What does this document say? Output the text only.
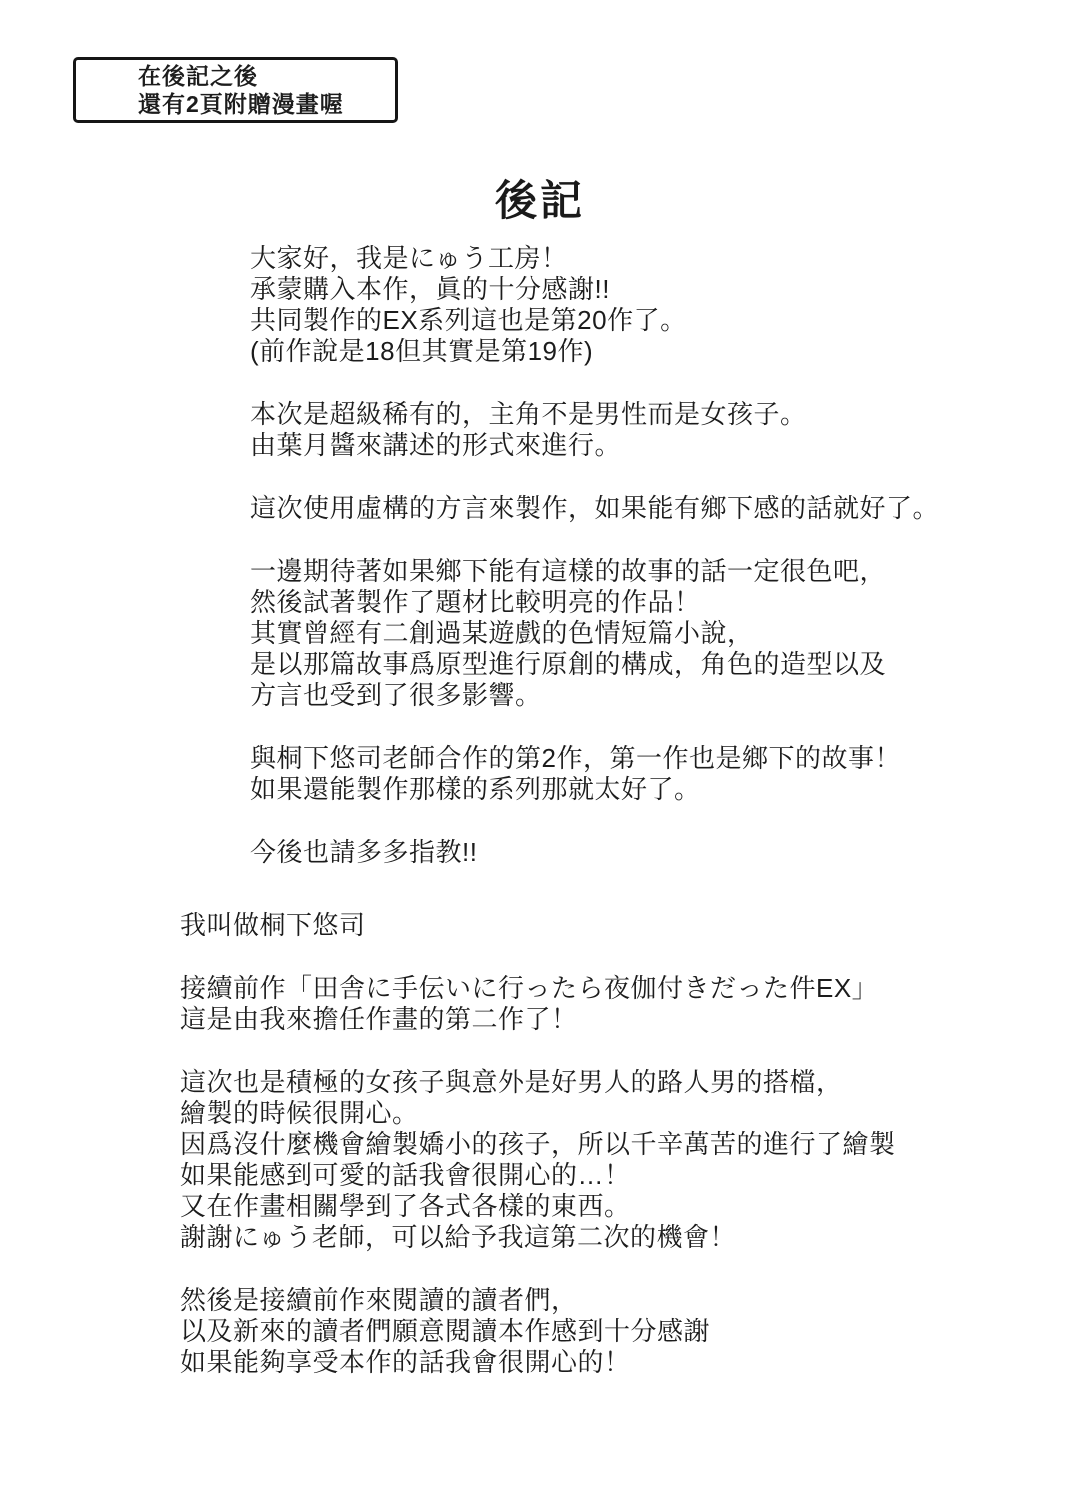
在後記之後
還有2頁附贈漫畫喔
後記
大家好，我是にゅう工房！
承蒙購入本作，眞的十分感謝!!
共同製作的EX系列這也是第20作了。
(前作說是18但其實是第19作)
本次是超級稀有的，主角不是男性而是女孩子。
由葉月醬來講述的形式來進行。
這次使用虛構的方言來製作，如果能有鄉下感的話就好了。
一邊期待著如果鄉下能有這樣的故事的話一定很色吧，
然後試著製作了題材比較明亮的作品！
其實曾經有二創過某遊戲的色情短篇小說，
是以那篇故事爲原型進行原創的構成，角色的造型以及
方言也受到了很多影響。
與桐下悠司老師合作的第2作，第一作也是鄉下的故事！
如果還能製作那樣的系列那就太好了。
今後也請多多指教!!
我叫做桐下悠司
接續前作「田舎に手伝いに行ったら夜伽付きだった件EX」
這是由我來擔任作畫的第二作了！
這次也是積極的女孩子與意外是好男人的路人男的搭檔，
繪製的時候很開心。
因爲沒什麼機會繪製嬌小的孩子，所以千辛萬苦的進行了繪製
如果能感到可愛的話我會很開心的…！
又在作畫相關學到了各式各樣的東西。
謝謝にゅう老師，可以給予我這第二次的機會！
然後是接續前作來閱讀的讀者們，
以及新來的讀者們願意閱讀本作感到十分感謝
如果能夠享受本作的話我會很開心的！
